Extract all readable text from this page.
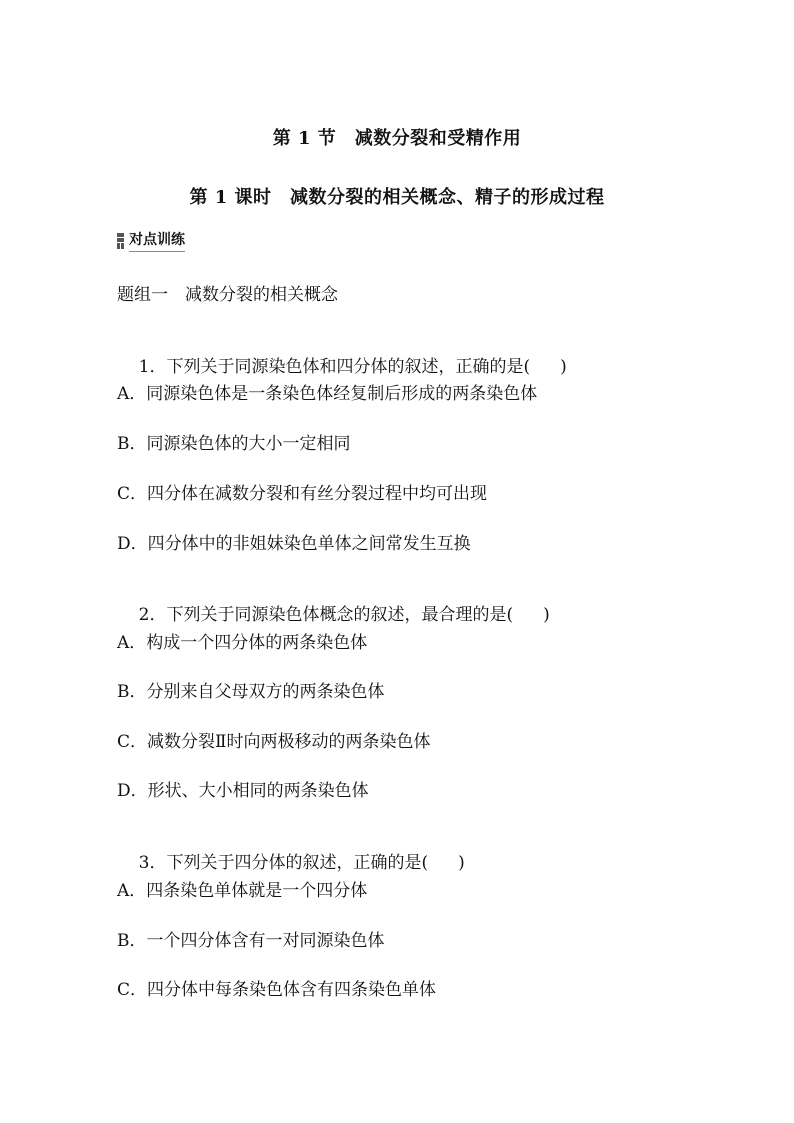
第 1 节　减数分裂和受精作用
第 1 课时　减数分裂的相关概念、精子的形成过程
对点训练
题组一　减数分裂的相关概念

1．下列关于同源染色体和四分体的叙述，正确的是( )

A．同源染色体是一条染色体经复制后形成的两条染色体
B．同源染色体的大小一定相同
C．四分体在减数分裂和有丝分裂过程中均可出现
D．四分体中的非姐妹染色单体之间常发生互换

2．下列关于同源染色体概念的叙述，最合理的是( )

A．构成一个四分体的两条染色体
B．分别来自父母双方的两条染色体
C．减数分裂Ⅱ时向两极移动的两条染色体
D．形状、大小相同的两条染色体

3．下列关于四分体的叙述，正确的是( )

A．四条染色单体就是一个四分体
B．一个四分体含有一对同源染色体
C．四分体中每条染色体含有四条染色单体
